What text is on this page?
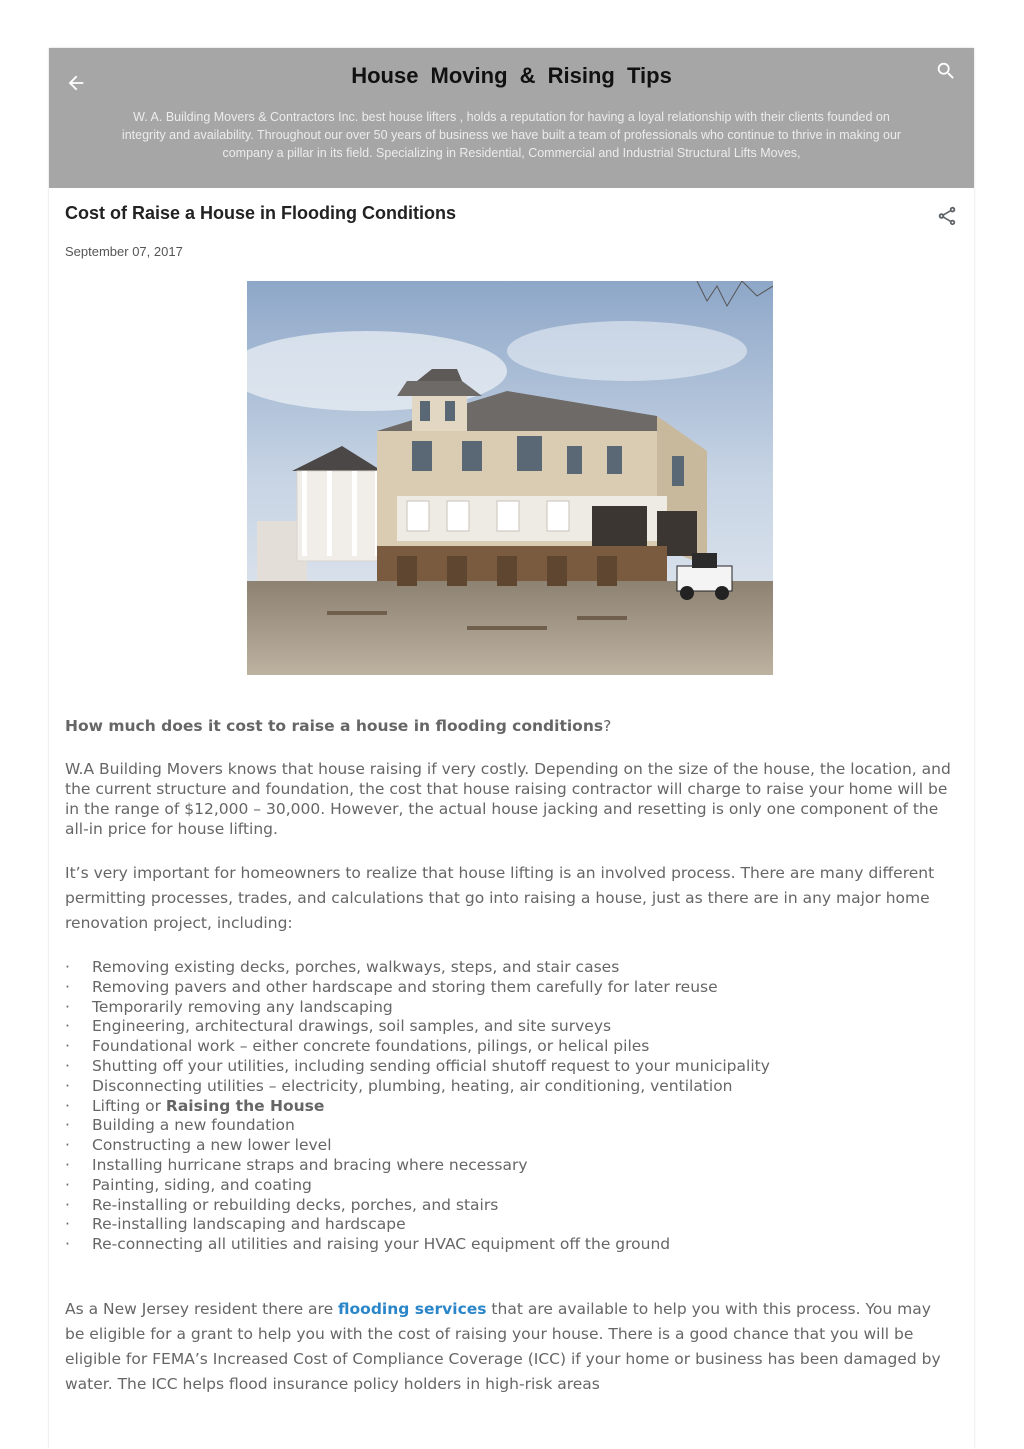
House Moving & Rising Tips

W. A. Building Movers & Contractors Inc. best house lifters , holds a reputation for having a loyal relationship with their clients founded on integrity and availability. Throughout our over 50 years of business we have built a team of professionals who continue to thrive in making our company a pillar in its field. Specializing in Residential, Commercial and Industrial Structural Lifts Moves,

Cost of Raise a House in Flooding Conditions
September 07, 2017

How much does it cost to raise a house in flooding conditions?

W.A Building Movers knows that house raising if very costly. Depending on the size of the house, the location, and the current structure and foundation, the cost that house raising contractor will charge to raise your home will be in the range of $12,000 – 30,000. However, the actual house jacking and resetting is only one component of the all-in price for house lifting.

It’s very important for homeowners to realize that house lifting is an involved process. There are many different permitting processes, trades, and calculations that go into raising a house, just as there are in any major home renovation project, including:

· Removing existing decks, porches, walkways, steps, and stair cases
· Removing pavers and other hardscape and storing them carefully for later reuse
· Temporarily removing any landscaping
· Engineering, architectural drawings, soil samples, and site surveys
· Foundational work – either concrete foundations, pilings, or helical piles
· Shutting off your utilities, including sending official shutoff request to your municipality
· Disconnecting utilities – electricity, plumbing, heating, air conditioning, ventilation
· Lifting or Raising the House
· Building a new foundation
· Constructing a new lower level
· Installing hurricane straps and bracing where necessary
· Painting, siding, and coating
· Re-installing or rebuilding decks, porches, and stairs
· Re-installing landscaping and hardscape
· Re-connecting all utilities and raising your HVAC equipment off the ground

As a New Jersey resident there are flooding services that are available to help you with this process. You may be eligible for a grant to help you with the cost of raising your house. There is a good chance that you will be eligible for FEMA’s Increased Cost of Compliance Coverage (ICC) if your home or business has been damaged by water. The ICC helps flood insurance policy holders in high-risk areas
